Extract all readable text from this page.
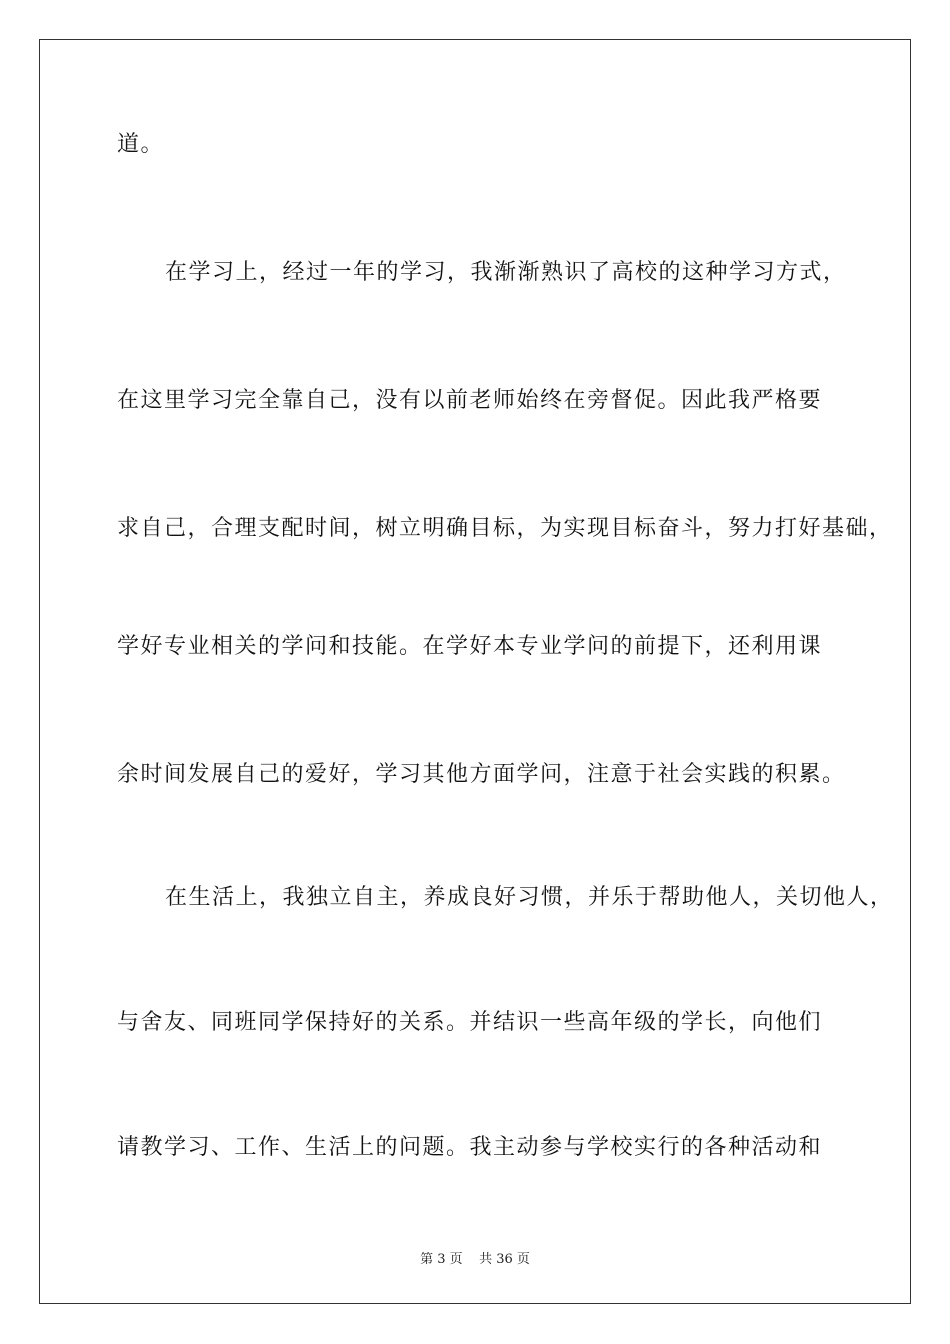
道。
在学习上，经过一年的学习，我渐渐熟识了高校的这种学习方式，
在这里学习完全靠自己，没有以前老师始终在旁督促。因此我严格要
求自己，合理支配时间，树立明确目标，为实现目标奋斗，努力打好基础，
学好专业相关的学问和技能。在学好本专业学问的前提下，还利用课
余时间发展自己的爱好，学习其他方面学问，注意于社会实践的积累。
在生活上，我独立自主，养成良好习惯，并乐于帮助他人，关切他人，
与舍友、同班同学保持好的关系。并结识一些高年级的学长，向他们
请教学习、工作、生活上的问题。我主动参与学校实行的各种活动和
第 3 页    共 36 页
